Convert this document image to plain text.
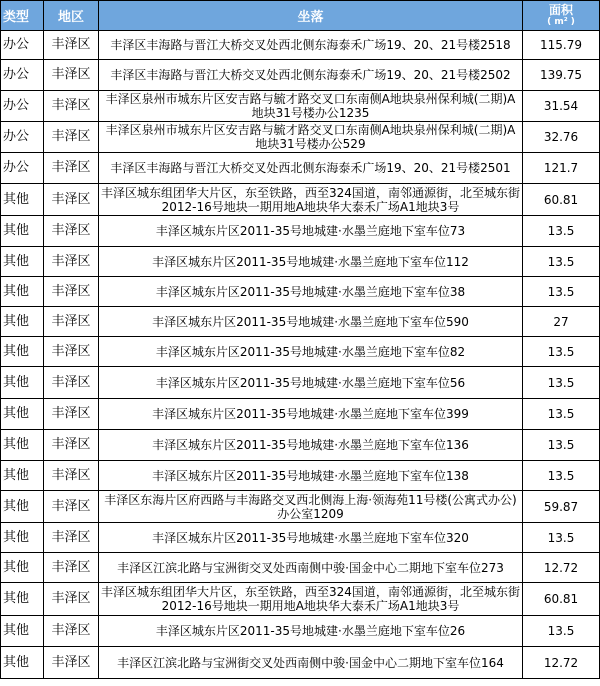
类型	地区	坐落	面积
( m² )

办公	丰泽区	丰泽区丰海路与晋江大桥交叉处西北侧东海泰禾广场19、20、21号楼2518	115.79
办公	丰泽区	丰泽区丰海路与晋江大桥交叉处西北侧东海泰禾广场19、20、21号楼2502	139.75
办公	丰泽区	丰泽区泉州市城东片区安吉路与毓才路交叉口东南侧A地块泉州保利城(二期)A地块31号楼办公1235	31.54
办公	丰泽区	丰泽区泉州市城东片区安吉路与毓才路交叉口东南侧A地块泉州保利城(二期)A地块31号楼办公529	32.76
办公	丰泽区	丰泽区丰海路与晋江大桥交叉处西北侧东海泰禾广场19、20、21号楼2501	121.7
其他	丰泽区	丰泽区城东组团华大片区，东至铁路，西至324国道，南邻通源街，北至城东街2012-16号地块一期用地A地块华大泰禾广场A1地块3号	60.81
其他	丰泽区	丰泽区城东片区2011-35号地城建·水墨兰庭地下室车位73	13.5
其他	丰泽区	丰泽区城东片区2011-35号地城建·水墨兰庭地下室车位112	13.5
其他	丰泽区	丰泽区城东片区2011-35号地城建·水墨兰庭地下室车位38	13.5
其他	丰泽区	丰泽区城东片区2011-35号地城建·水墨兰庭地下室车位590	27
其他	丰泽区	丰泽区城东片区2011-35号地城建·水墨兰庭地下室车位82	13.5
其他	丰泽区	丰泽区城东片区2011-35号地城建·水墨兰庭地下室车位56	13.5
其他	丰泽区	丰泽区城东片区2011-35号地城建·水墨兰庭地下室车位399	13.5
其他	丰泽区	丰泽区城东片区2011-35号地城建·水墨兰庭地下室车位136	13.5
其他	丰泽区	丰泽区城东片区2011-35号地城建·水墨兰庭地下室车位138	13.5
其他	丰泽区	丰泽区东海片区府西路与丰海路交叉西北侧海上海·领海苑11号楼(公寓式办公)办公室1209	59.87
其他	丰泽区	丰泽区城东片区2011-35号地城建·水墨兰庭地下室车位320	13.5
其他	丰泽区	丰泽区江滨北路与宝洲街交叉处西南侧中骏·国金中心二期地下室车位273	12.72
其他	丰泽区	丰泽区城东组团华大片区，东至铁路，西至324国道，南邻通源街，北至城东街2012-16号地块一期用地A地块华大泰禾广场A1地块3号	60.81
其他	丰泽区	丰泽区城东片区2011-35号地城建·水墨兰庭地下室车位26	13.5
其他	丰泽区	丰泽区江滨北路与宝洲街交叉处西南侧中骏·国金中心二期地下室车位164	12.72
